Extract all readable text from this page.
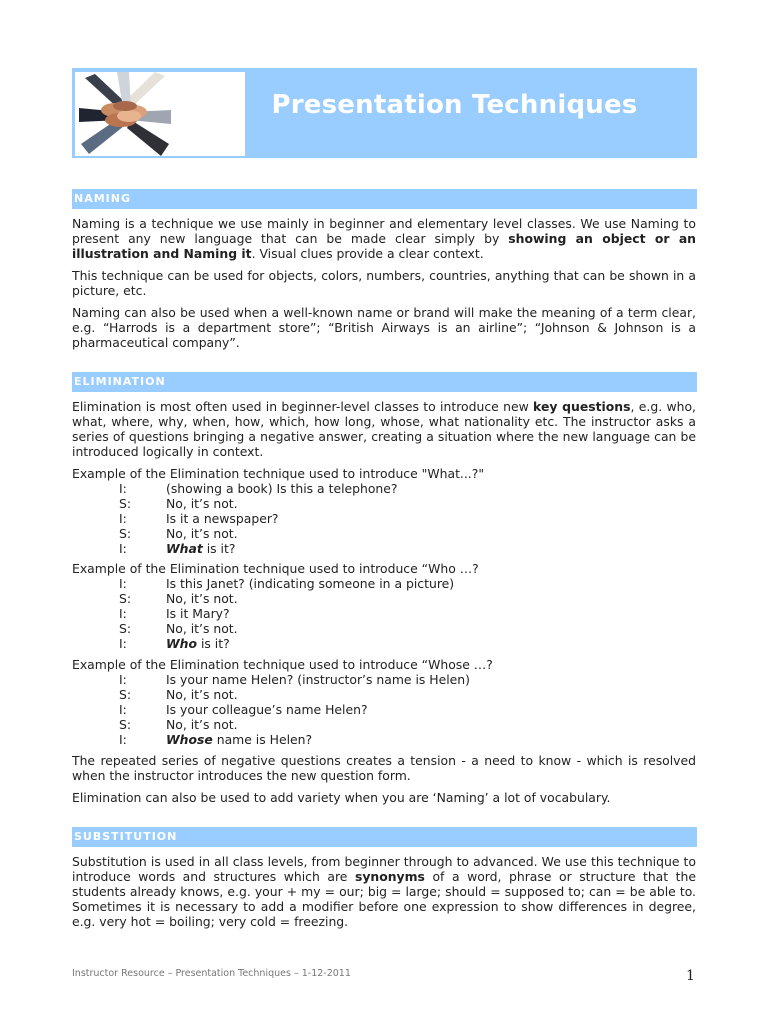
Presentation Techniques
NAMING

Naming is a technique we use mainly in beginner and elementary level classes. We use Naming to present any new language that can be made clear simply by showing an object or an illustration and Naming it. Visual clues provide a clear context.

This technique can be used for objects, colors, numbers, countries, anything that can be shown in a picture, etc.

Naming can also be used when a well-known name or brand will make the meaning of a term clear, e.g. “Harrods is a department store”; “British Airways is an airline”; “Johnson & Johnson is a pharmaceutical company”.

ELIMINATION

Elimination is most often used in beginner-level classes to introduce new key questions, e.g. who, what, where, why, when, how, which, how long, whose, what nationality etc. The instructor asks a series of questions bringing a negative answer, creating a situation where the new language can be introduced logically in context.

Example of the Elimination technique used to introduce "What...?"

I:	(showing a book) Is this a telephone?
S:	No, it’s not.
I:	Is it a newspaper?
S:	No, it’s not.
I:	What is it?

Example of the Elimination technique used to introduce “Who …?

I:	Is this Janet? (indicating someone in a picture)
S:	No, it’s not.
I:	Is it Mary?
S:	No, it’s not.
I:	Who is it?

Example of the Elimination technique used to introduce “Whose …?

I:	Is your name Helen? (instructor’s name is Helen)
S:	No, it’s not.
I:	Is your colleague’s name Helen?
S:	No, it’s not.
I:	Whose name is Helen?

The repeated series of negative questions creates a tension - a need to know - which is resolved when the instructor introduces the new question form.

Elimination can also be used to add variety when you are ‘Naming’ a lot of vocabulary.

SUBSTITUTION

Substitution is used in all class levels, from beginner through to advanced. We use this technique to introduce words and structures which are synonyms of a word, phrase or structure that the students already knows, e.g. your + my = our; big = large; should = supposed to; can = be able to. Sometimes it is necessary to add a modifier before one expression to show differences in degree, e.g. very hot = boiling; very cold = freezing.

Instructor Resource – Presentation Techniques – 1-12-2011	1
